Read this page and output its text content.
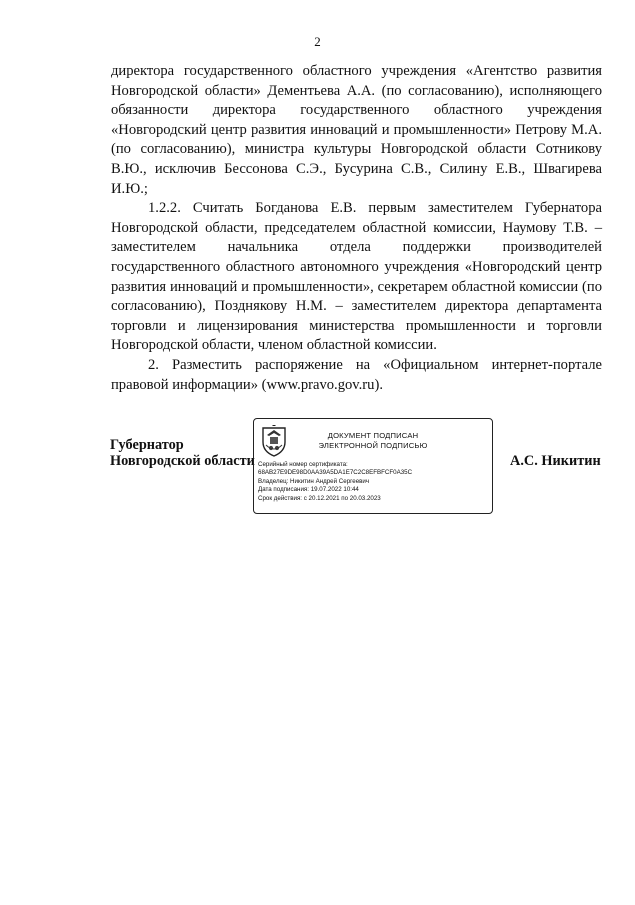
2

директора государственного областного учреждения «Агентство развития Новгородской области» Дементьева А.А. (по согласованию), исполняющего обязанности директора государственного областного учреждения «Новгородский центр развития инноваций и промышленности» Петрову М.А. (по согласованию), министра культуры Новгородской области Сотникову В.Ю., исключив Бессонова С.Э., Бусурина С.В., Силину Е.В., Швагирева И.Ю.;

1.2.2. Считать Богданова Е.В. первым заместителем Губернатора Новгородской области, председателем областной комиссии, Наумову Т.В. – заместителем начальника отдела поддержки производителей государственного областного автономного учреждения «Новгородский центр развития инноваций и промышленности», секретарем областной комиссии (по согласованию), Позднякову Н.М. – заместителем директора департамента торговли и лицензирования министерства промышленности и торговли Новгородской области, членом областной комиссии.

2. Разместить распоряжение на «Официальном интернет-портале правовой информации» (www.pravo.gov.ru).

Губернатор
Новгородской области	А.С. Никитин
ДОКУМЕНТ ПОДПИСАН
ЭЛЕКТРОННОЙ ПОДПИСЬЮ
Серийный номер сертификата:
68AB27E9DE98D0AA39A5DA1E7C2C8EFBFCF0A35C
Владелец: Никитин Андрей Сергеевич
Дата подписания: 19.07.2022 10:44
Срок действия: с 20.12.2021 по 20.03.2023
